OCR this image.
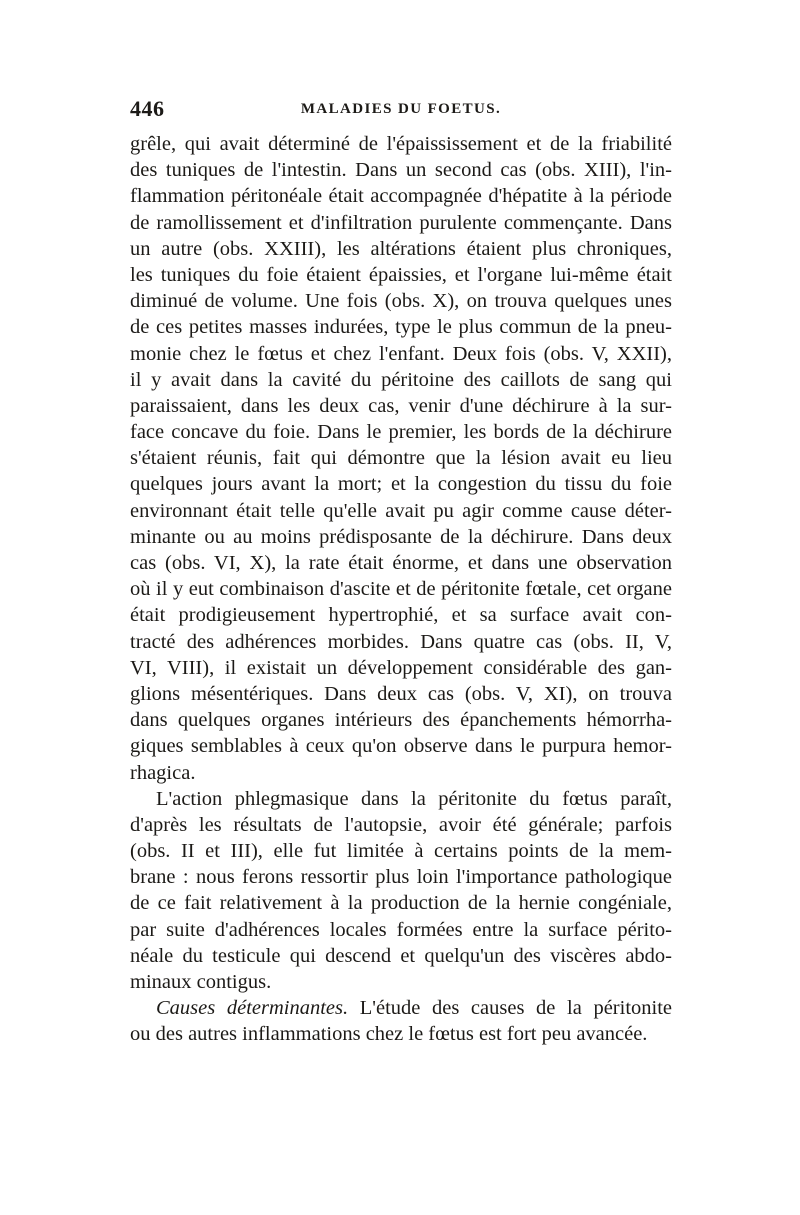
446	MALADIES DU FOETUS.
grêle, qui avait déterminé de l'épaississement et de la friabilité
des tuniques de l'intestin. Dans un second cas (obs. XIII), l'in-
flammation péritonéale était accompagnée d'hépatite à la période
de ramollissement et d'infiltration purulente commençante. Dans
un autre (obs. XXIII), les altérations étaient plus chroniques,
les tuniques du foie étaient épaissies, et l'organe lui-même était
diminué de volume. Une fois (obs. X), on trouva quelques unes
de ces petites masses indurées, type le plus commun de la pneu-
monie chez le fœtus et chez l'enfant. Deux fois (obs. V, XXII),
il y avait dans la cavité du péritoine des caillots de sang qui
paraissaient, dans les deux cas, venir d'une déchirure à la sur-
face concave du foie. Dans le premier, les bords de la déchirure
s'étaient réunis, fait qui démontre que la lésion avait eu lieu
quelques jours avant la mort; et la congestion du tissu du foie
environnant était telle qu'elle avait pu agir comme cause déter-
minante ou au moins prédisposante de la déchirure. Dans deux
cas (obs. VI, X), la rate était énorme, et dans une observation
où il y eut combinaison d'ascite et de péritonite fœtale, cet organe
était prodigieusement hypertrophié, et sa surface avait con-
tracté des adhérences morbides. Dans quatre cas (obs. II, V,
VI, VIII), il existait un développement considérable des gan-
glions mésentériques. Dans deux cas (obs. V, XI), on trouva
dans quelques organes intérieurs des épanchements hémorrha-
giques semblables à ceux qu'on observe dans le purpura hemor-
rhagica.
L'action phlegmasique dans la péritonite du fœtus paraît,
d'après les résultats de l'autopsie, avoir été générale; parfois
(obs. II et III), elle fut limitée à certains points de la mem-
brane : nous ferons ressortir plus loin l'importance pathologique
de ce fait relativement à la production de la hernie congéniale,
par suite d'adhérences locales formées entre la surface périto-
néale du testicule qui descend et quelqu'un des viscères abdo-
minaux contigus.
Causes déterminantes. L'étude des causes de la péritonite
ou des autres inflammations chez le fœtus est fort peu avancée.
